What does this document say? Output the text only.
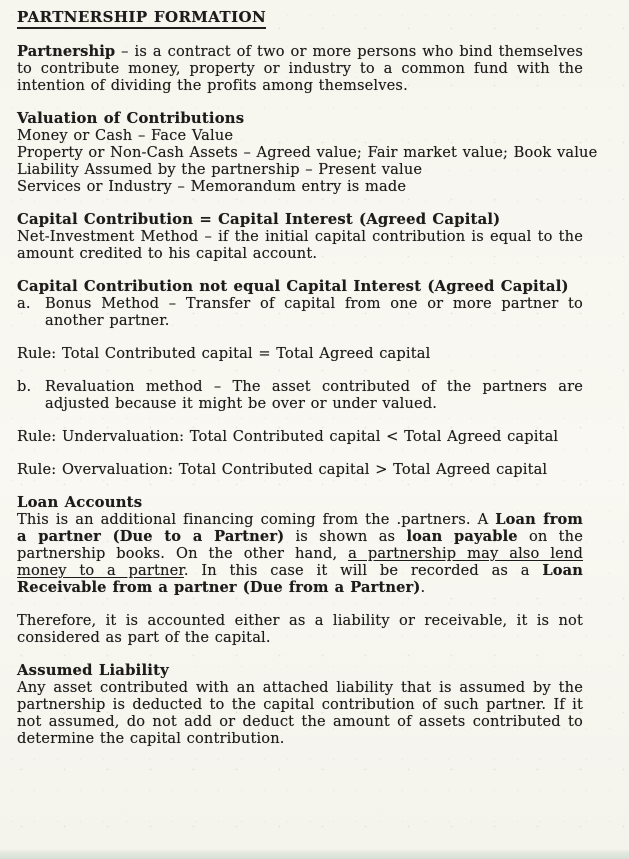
PARTNERSHIP FORMATION

Partnership – is a contract of two or more persons who bind themselves to contribute money, property or industry to a common fund with the intention of dividing the profits among themselves.

Valuation of Contributions
Money or Cash – Face Value
Property or Non-Cash Assets – Agreed value; Fair market value; Book value
Liability Assumed by the partnership – Present value
Services or Industry – Memorandum entry is made
Capital Contribution = Capital Interest (Agreed Capital)

Net-Investment Method – if the initial capital contribution is equal to the amount credited to his capital account.

Capital Contribution not equal Capital Interest (Agreed Capital)
a. Bonus Method – Transfer of capital from one or more partner to another partner.

Rule: Total Contributed capital = Total Agreed capital

b. Revaluation method – The asset contributed of the partners are adjusted because it might be over or under valued.

Rule: Undervaluation: Total Contributed capital < Total Agreed capital

Rule: Overvaluation: Total Contributed capital > Total Agreed capital

Loan Accounts

This is an additional financing coming from the .partners. A Loan from a partner (Due to a Partner) is shown as loan payable on the partnership books. On the other hand, a partnership may also lend money to a partner. In this case it will be recorded as a Loan Receivable from a partner (Due from a Partner).

Therefore, it is accounted either as a liability or receivable, it is not considered as part of the capital.

Assumed Liability

Any asset contributed with an attached liability that is assumed by the partnership is deducted to the capital contribution of such partner. If it not assumed, do not add or deduct the amount of assets contributed to determine the capital contribution.
